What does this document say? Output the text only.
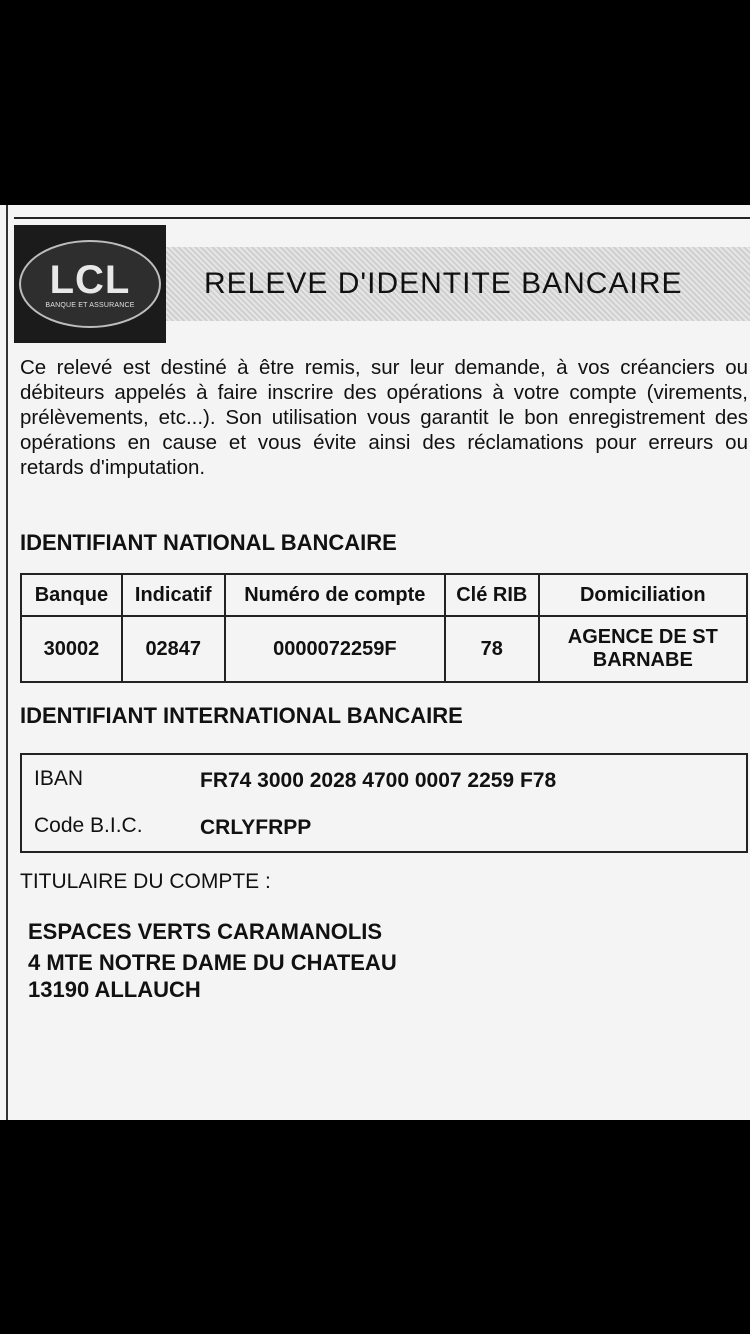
LCL
BANQUE ET ASSURANCE
RELEVE D'IDENTITE BANCAIRE
Ce relevé est destiné à être remis, sur leur demande, à vos créanciers ou débiteurs appelés à faire inscrire des opérations à votre compte (virements, prélèvements, etc...). Son utilisation vous garantit le bon enregistrement des opérations en cause et vous évite ainsi des réclamations pour erreurs ou retards d'imputation.
IDENTIFIANT NATIONAL BANCAIRE
Banque	Indicatif	Numéro de compte	Clé RIB	Domiciliation
30002	02847	0000072259F	78	AGENCE DE ST BARNABE
IDENTIFIANT INTERNATIONAL BANCAIRE
IBAN	FR74 3000 2028 4700 0007 2259 F78
Code B.I.C.	CRLYFRPP
TITULAIRE DU COMPTE :
ESPACES VERTS CARAMANOLIS
4 MTE NOTRE DAME DU CHATEAU
13190 ALLAUCH
